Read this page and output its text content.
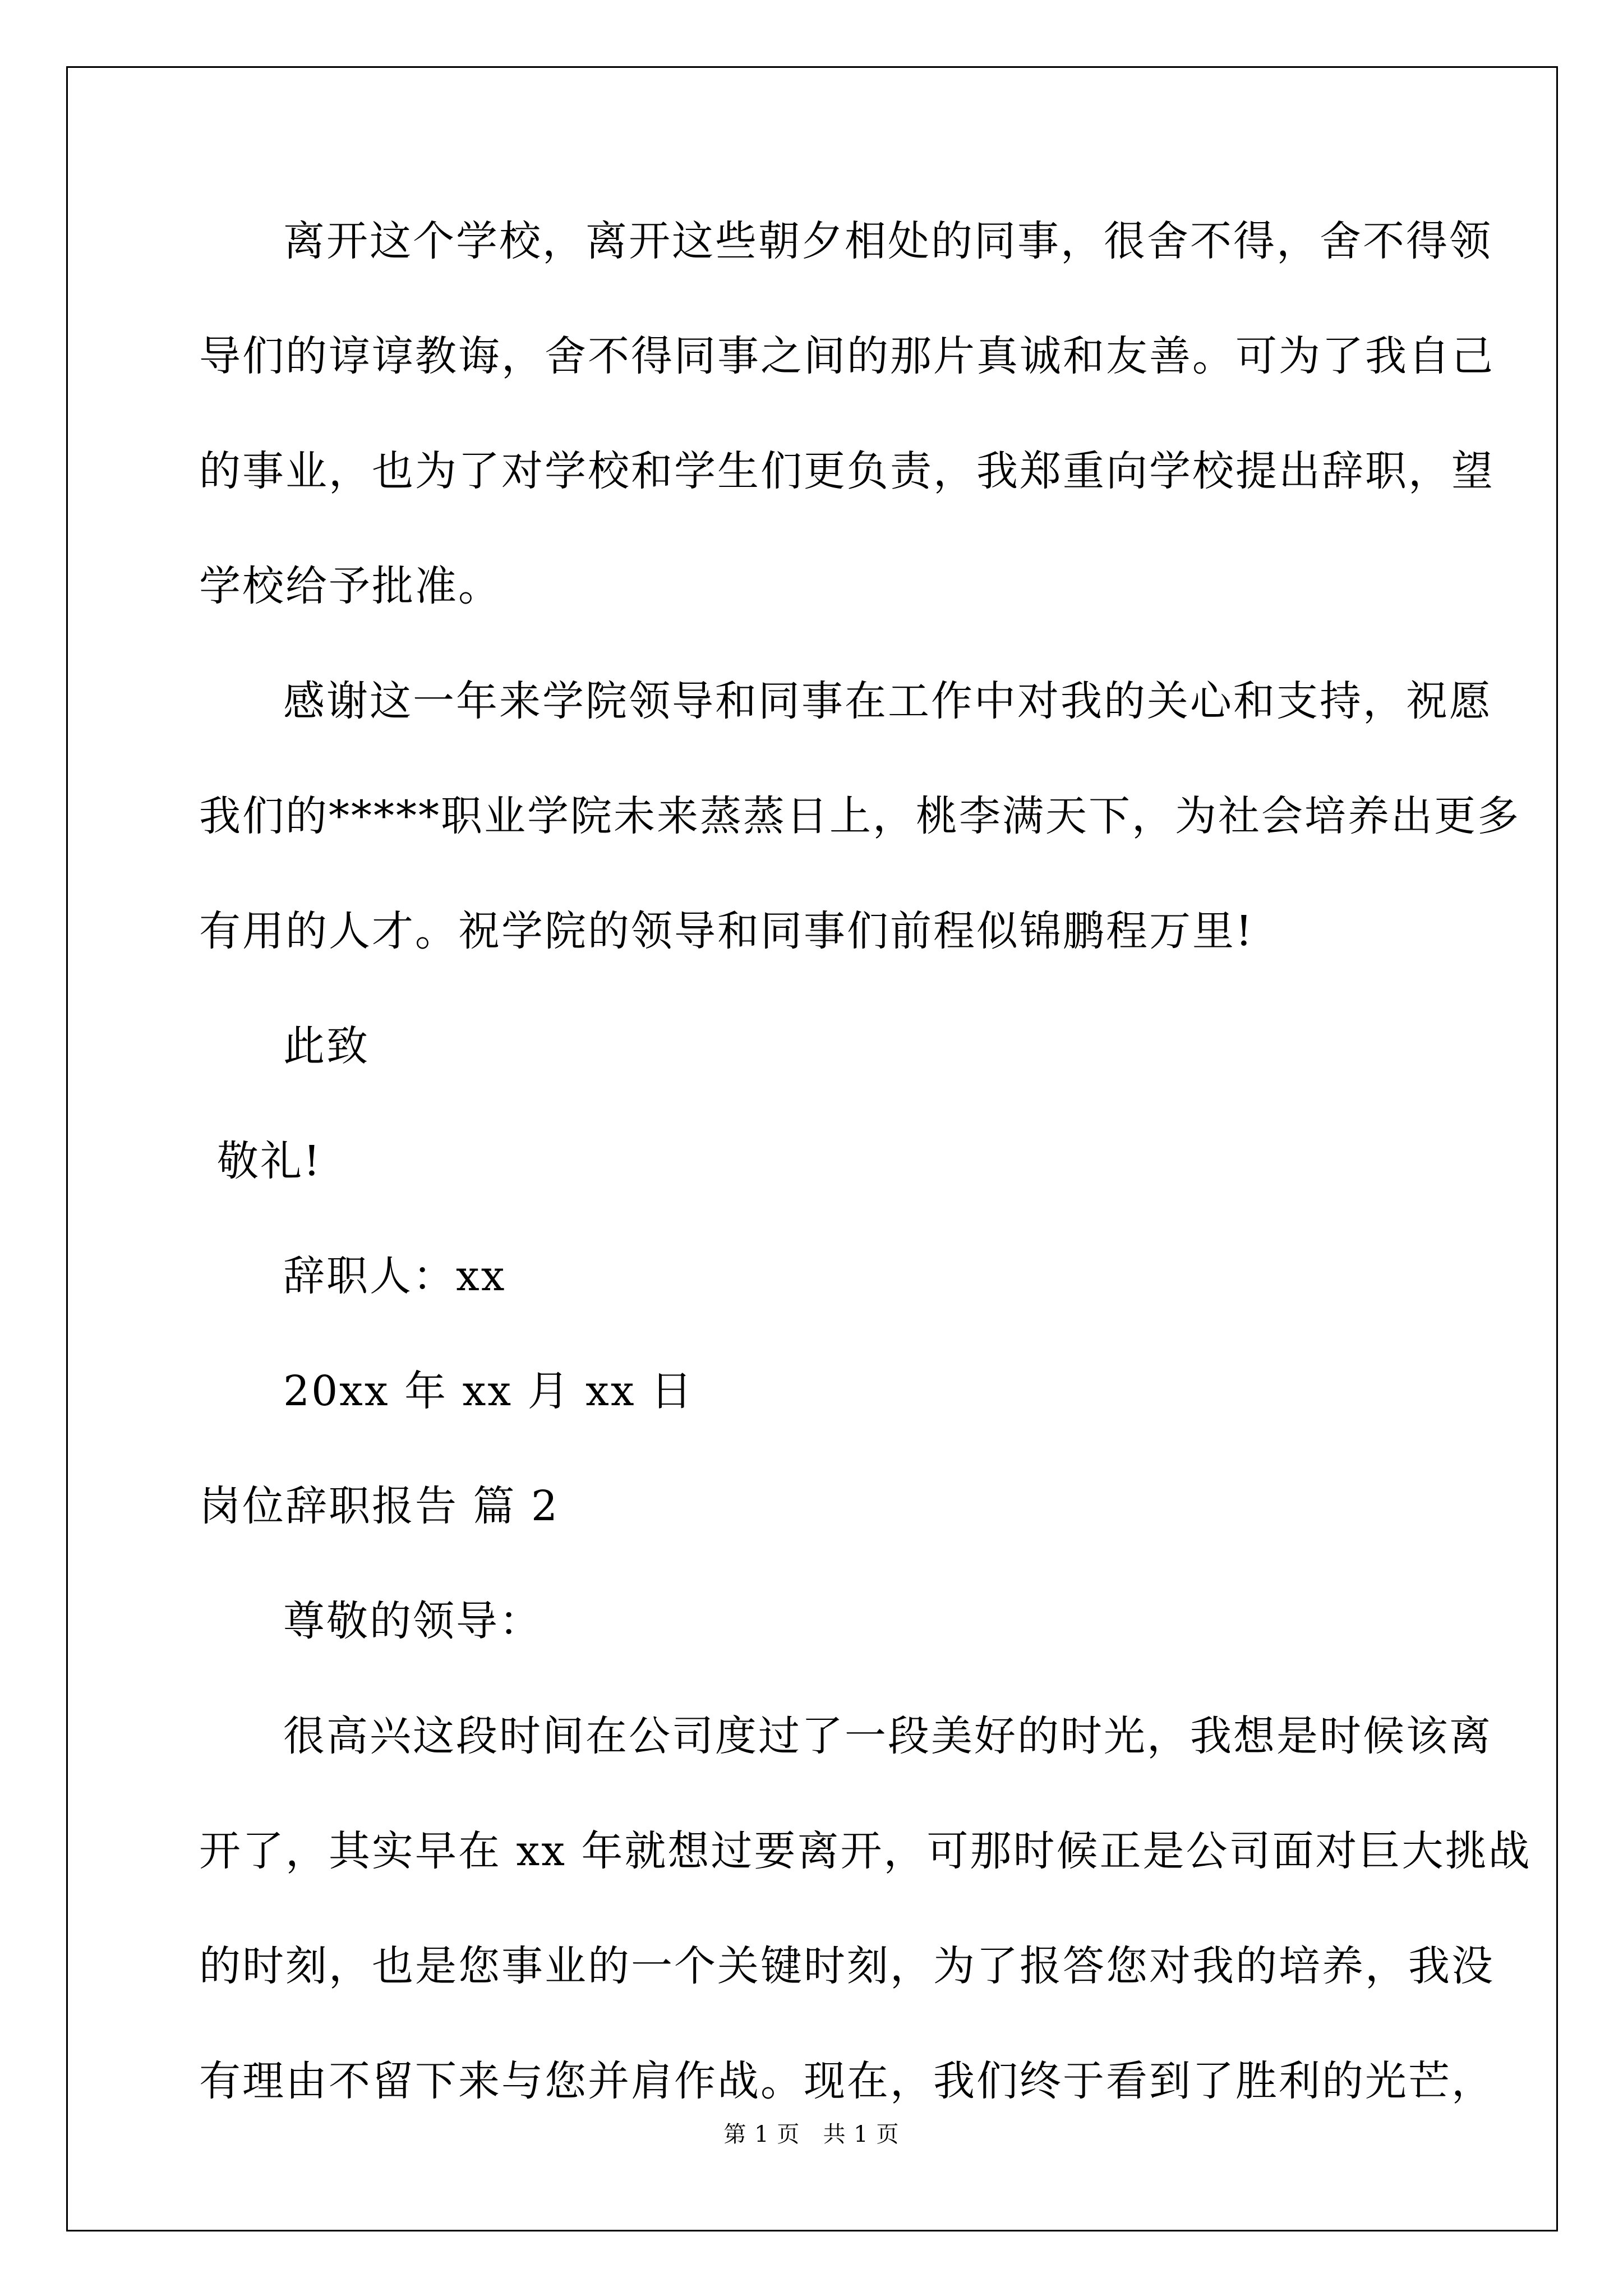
离开这个学校，离开这些朝夕相处的同事，很舍不得，舍不得领
导们的谆谆教诲，舍不得同事之间的那片真诚和友善。可为了我自己
的事业，也为了对学校和学生们更负责，我郑重向学校提出辞职，望
学校给予批准。
感谢这一年来学院领导和同事在工作中对我的关心和支持，祝愿
我们的*****职业学院未来蒸蒸日上，桃李满天下，为社会培养出更多
有用的人才。祝学院的领导和同事们前程似锦鹏程万里!
此致
敬礼!
辞职人：xx
20xx 年 xx 月 xx 日
岗位辞职报告 篇 2
尊敬的领导：
很高兴这段时间在公司度过了一段美好的时光，我想是时候该离
开了，其实早在 xx 年就想过要离开，可那时候正是公司面对巨大挑战
的时刻，也是您事业的一个关键时刻，为了报答您对我的培养，我没
有理由不留下来与您并肩作战。现在，我们终于看到了胜利的光芒，
第 1 页 共 1 页
